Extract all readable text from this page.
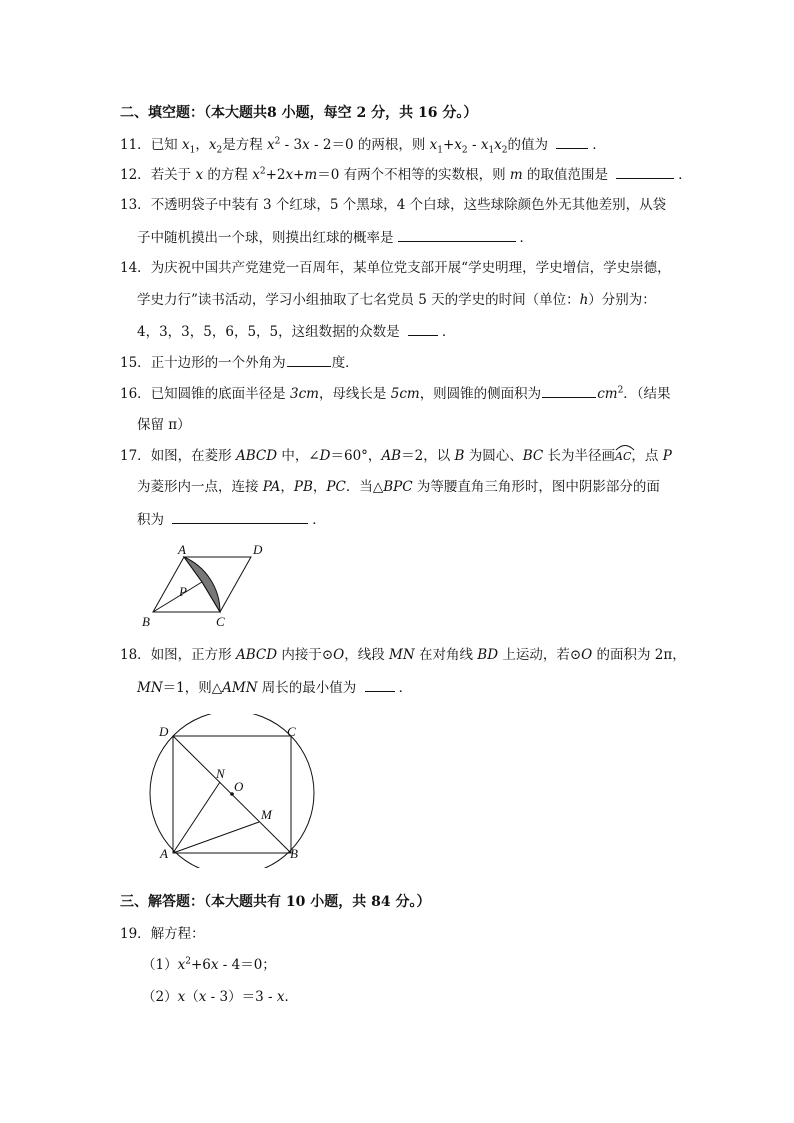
二、填空题：（本大题共8 小题，每空 2 分，共 16 分。）
11．已知 $x_1$，$x_2$是方程 $x^2 - 3x - 2=0$ 的两根，则 $x_1+x_2 - x_1x_2$的值为	．
12．若关于 x 的方程 $x^2+2x+m=0$ 有两个不相等的实数根，则 m 的取值范围是	．
13．不透明袋子中装有 3 个红球，5 个黑球，4 个白球，这些球除颜色外无其他差别，从袋
子中随机摸出一个球，则摸出红球的概率是	．
14．为庆祝中国共产党建党一百周年，某单位党支部开展“学史明理，学史增信，学史崇德，
学史力行”读书活动，学习小组抽取了七名党员 5 天的学史的时间（单位：h）分别为：
4，3，3，5，6，5，5，这组数据的众数是	．
15．正十边形的一个外角为	度．
16．已知圆锥的底面半径是 3cm，母线长是 5cm，则圆锥的侧面积为	$cm^2$．（结果
保留 π）
17．如图，在菱形 ABCD 中，∠D＝60°，AB＝2，以 B 为圆心、BC 长为半径画
AC，点 P
为菱形内一点，连接 PA，PB，PC．当△BPC 为等腰直角三角形时，图中阴影部分的面
积为	．
A	D
B	C
P
18．如图，正方形 ABCD 内接于⊙O，线段 MN 在对角线 BD 上运动，若⊙O 的面积为 2π，
MN＝1，则△AMN 周长的最小值为	．
D	C
A	B
N
O
M
三、解答题：（本大题共有 10 小题，共 84 分。）
19．解方程：
$(1)x^2+6x - 4=0$；
（2）x（x - 3）＝3 - x．
